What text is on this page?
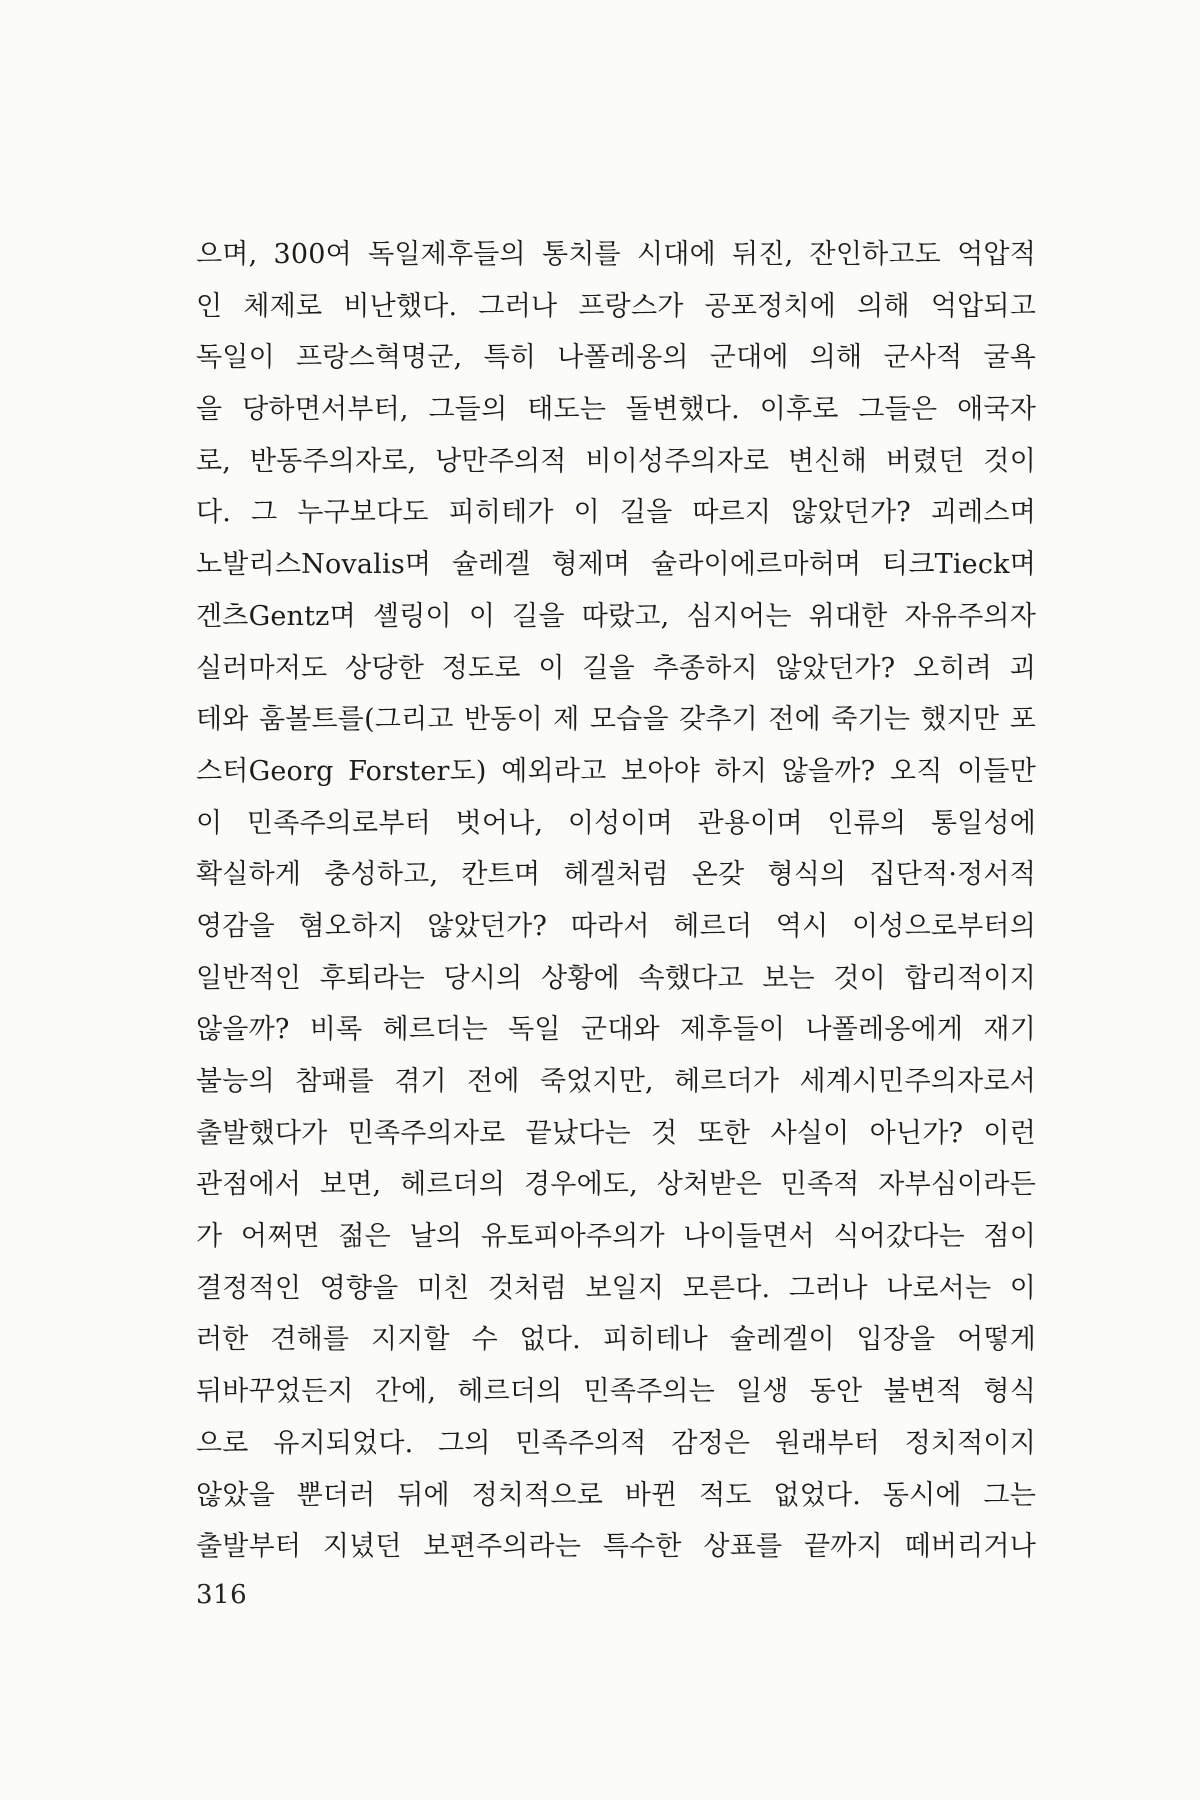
으며, 300여 독일제후들의 통치를 시대에 뒤진, 잔인하고도 억압적
인 체제로 비난했다. 그러나 프랑스가 공포정치에 의해 억압되고
독일이 프랑스혁명군, 특히 나폴레옹의 군대에 의해 군사적 굴욕
을 당하면서부터, 그들의 태도는 돌변했다. 이후로 그들은 애국자
로, 반동주의자로, 낭만주의적 비이성주의자로 변신해 버렸던 것이
다. 그 누구보다도 피히테가 이 길을 따르지 않았던가? 괴레스며
노발리스Novalis며 슐레겔 형제며 슐라이에르마허며 티크Tieck며
겐츠Gentz며 셸링이 이 길을 따랐고, 심지어는 위대한 자유주의자
실러마저도 상당한 정도로 이 길을 추종하지 않았던가? 오히려 괴
테와 훔볼트를(그리고 반동이 제 모습을 갖추기 전에 죽기는 했지만 포
스터Georg Forster도) 예외라고 보아야 하지 않을까? 오직 이들만
이 민족주의로부터 벗어나, 이성이며 관용이며 인류의 통일성에
확실하게 충성하고, 칸트며 헤겔처럼 온갖 형식의 집단적·정서적
영감을 혐오하지 않았던가? 따라서 헤르더 역시 이성으로부터의
일반적인 후퇴라는 당시의 상황에 속했다고 보는 것이 합리적이지
않을까? 비록 헤르더는 독일 군대와 제후들이 나폴레옹에게 재기
불능의 참패를 겪기 전에 죽었지만, 헤르더가 세계시민주의자로서
출발했다가 민족주의자로 끝났다는 것 또한 사실이 아닌가? 이런
관점에서 보면, 헤르더의 경우에도, 상처받은 민족적 자부심이라든
가 어쩌면 젊은 날의 유토피아주의가 나이들면서 식어갔다는 점이
결정적인 영향을 미친 것처럼 보일지 모른다. 그러나 나로서는 이
러한 견해를 지지할 수 없다. 피히테나 슐레겔이 입장을 어떻게
뒤바꾸었든지 간에, 헤르더의 민족주의는 일생 동안 불변적 형식
으로 유지되었다. 그의 민족주의적 감정은 원래부터 정치적이지
않았을 뿐더러 뒤에 정치적으로 바뀐 적도 없었다. 동시에 그는
출발부터 지녔던 보편주의라는 특수한 상표를 끝까지 떼버리거나
316
